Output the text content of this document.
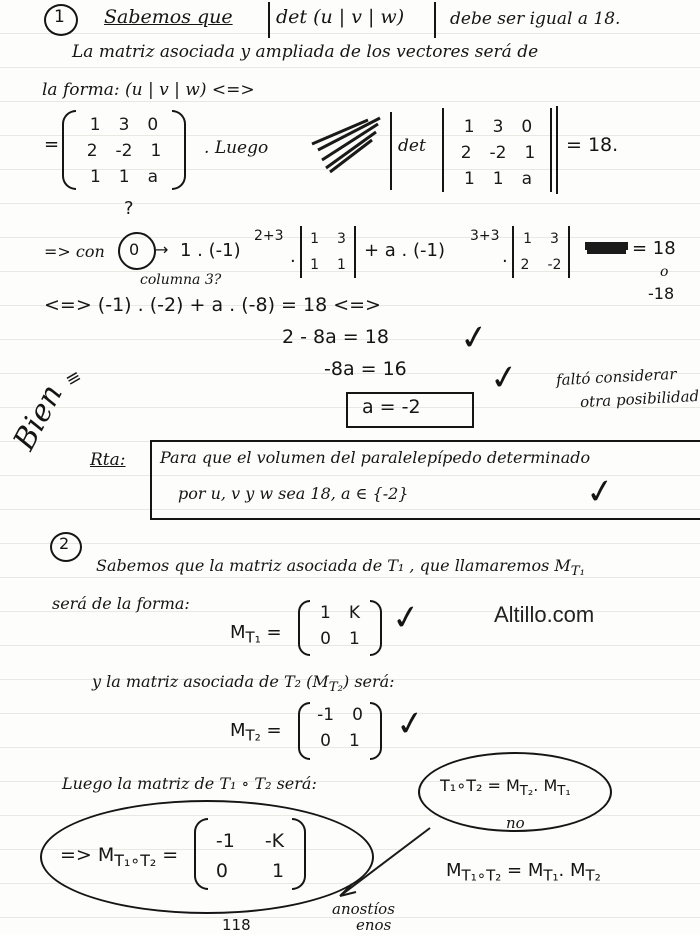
1 Sabemos que det (u | v | w)	debe ser igual a 18.
La matriz asociada y ampliada de los vectores será de
la forma: (u | v | w) <=>
=
1 3 0
2 -2 1
1 1 a
. Luego	det
1 3 0
2 -2 1
1 1 a
= 18.
?
=> con 0 → 1 . (-1)
2+3
.
1 3
1 1
+ a . (-1)
3+3
.
1 3
2 -2
= 18
o
-18
columna 3?
<=> (-1) . (-2) + a . (-8) = 18 <=>
2 - 8a = 18
-8a = 16
✓
✓
a = -2
faltó considerar
otra posibilidad
Bien
≡
Rta: Para que el volumen del paralelepípedo determinado
por u, v y w sea 18, a ∈ {-2}	✓
2
Sabemos que la matriz asociada de T₁ , que llamaremos $M_{T_1}$
será de la forma:	Altillo.com
$M_{T_1}$ =
1 K
0 1 ✓
y la matriz asociada de T₂ $(M_{T_2})$ será:
$M_{T_2}$ =
-1 0
0 1 ✓
Luego la matriz de T₁ ∘ T₂ será:	T₁∘T₂ = $M_{T_2}$. $M_{T_1}$
no
=> $M_{T_1\circ T_2}$ =
-1 -K
0 1	$M_{T_1\circ T_2} = M_{T_1}$. $M_{T_2}$
anostíos
enos
118
